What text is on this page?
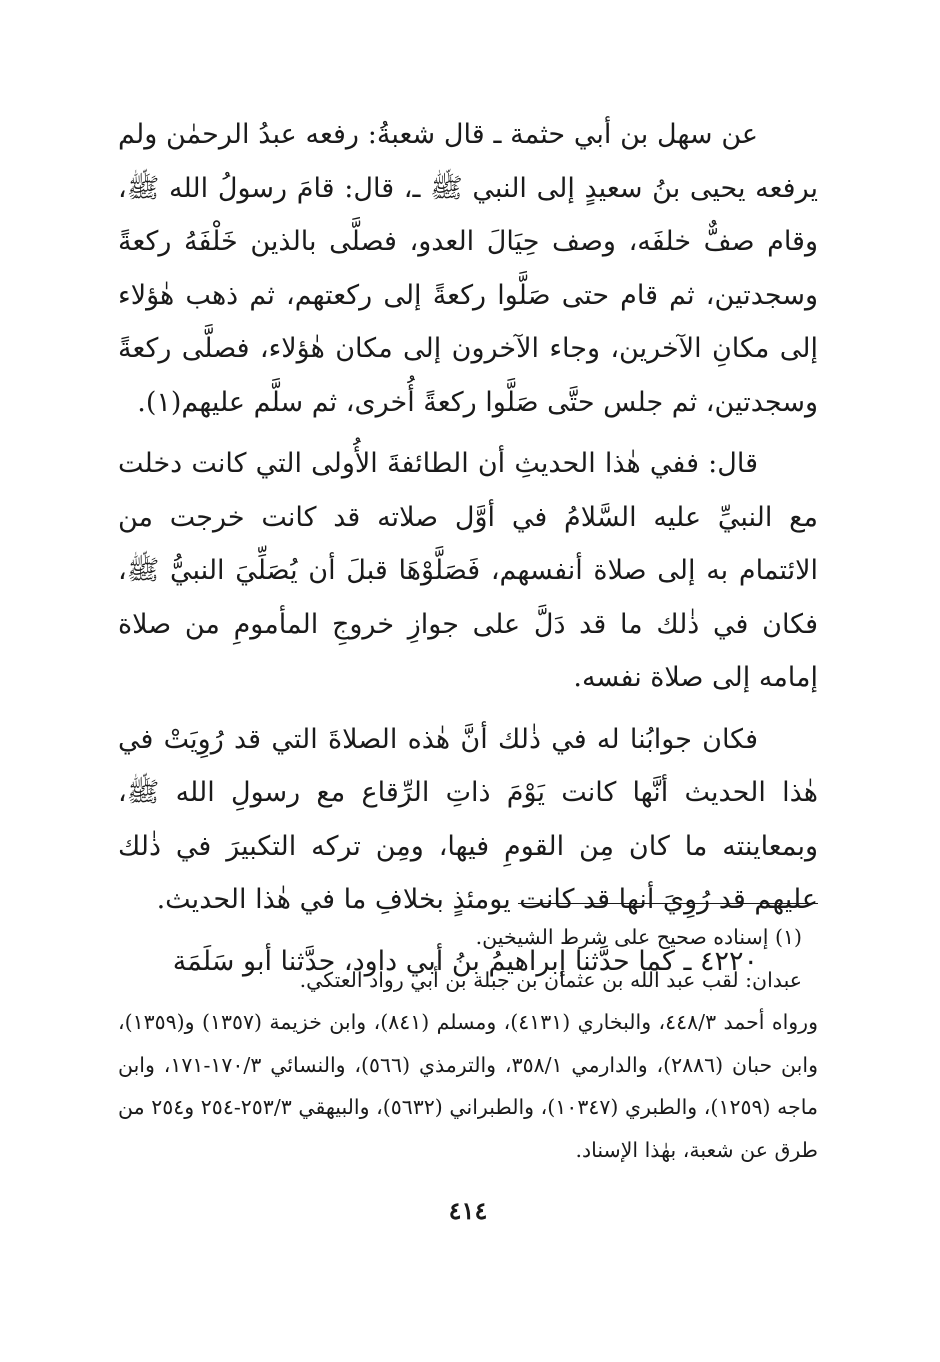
عن سهل بن أبي حثمة ـ قال شعبةُ: رفعه عبدُ الرحمٰن ولم يرفعه يحيى بنُ سعيدٍ إلى النبي ﷺ ـ، قال: قامَ رسولُ الله ﷺ، وقام صفٌّ خلفَه، وصف حِيَالَ العدو، فصلَّى بالذين خَلْفَهُ ركعةً وسجدتين، ثم قام حتى صَلَّوا ركعةً إلى ركعتهم، ثم ذهب هٰؤلاء إلى مكانِ الآخرين، وجاء الآخرون إلى مكان هٰؤلاء، فصلَّى ركعةً وسجدتين، ثم جلس حتَّى صَلَّوا ركعةً أُخرى، ثم سلَّم عليهم(١).

قال: ففي هٰذا الحديثِ أن الطائفةَ الأُولى التي كانت دخلت مع النبيِّ عليه السَّلامُ في أوَّل صلاته قد كانت خرجت من الائتمام به إلى صلاة أنفسهم، فَصَلَّوْهَا قبلَ أن يُصَلِّيَ النبيُّ ﷺ، فكان في ذٰلك ما قد دَلَّ على جوازِ خروجِ المأمومِ من صلاة إمامه إلى صلاة نفسه.

فكان جوابُنا له في ذٰلك أنَّ هٰذه الصلاةَ التي قد رُوِيَتْ في هٰذا الحديث أنَّها كانت يَوْمَ ذاتِ الرِّقاع مع رسولِ الله ﷺ، وبمعاينته ما كان مِن القومِ فيها، ومِن تركه التكبيرَ في ذٰلك عليهم قد رُوِيَ أنها قد كانت يومئذٍ بخلافِ ما في هٰذا الحديث.

٤٢٢٠ ـ كما حدَّثنا إبراهيمُ بنُ أبي داود، حدَّثنا أبو سَلَمَة

(١) إسناده صحيح على شرط الشيخين.

عبدان: لقب عبد الله بن عثمان بن جبلة بن أبي رواد العتكي.

ورواه أحمد ٤٤٨/٣، والبخاري (٤١٣١)، ومسلم (٨٤١)، وابن خزيمة (١٣٥٧) و(١٣٥٩)، وابن حبان (٢٨٨٦)، والدارمي ٣٥٨/١، والترمذي (٥٦٦)، والنسائي ١٧٠/٣-١٧١، وابن ماجه (١٢٥٩)، والطبري (١٠٣٤٧)، والطبراني (٥٦٣٢)، والبيهقي ٢٥٣/٣-٢٥٤ و٢٥٤ من طرق عن شعبة، بهٰذا الإسناد.

٤١٤
